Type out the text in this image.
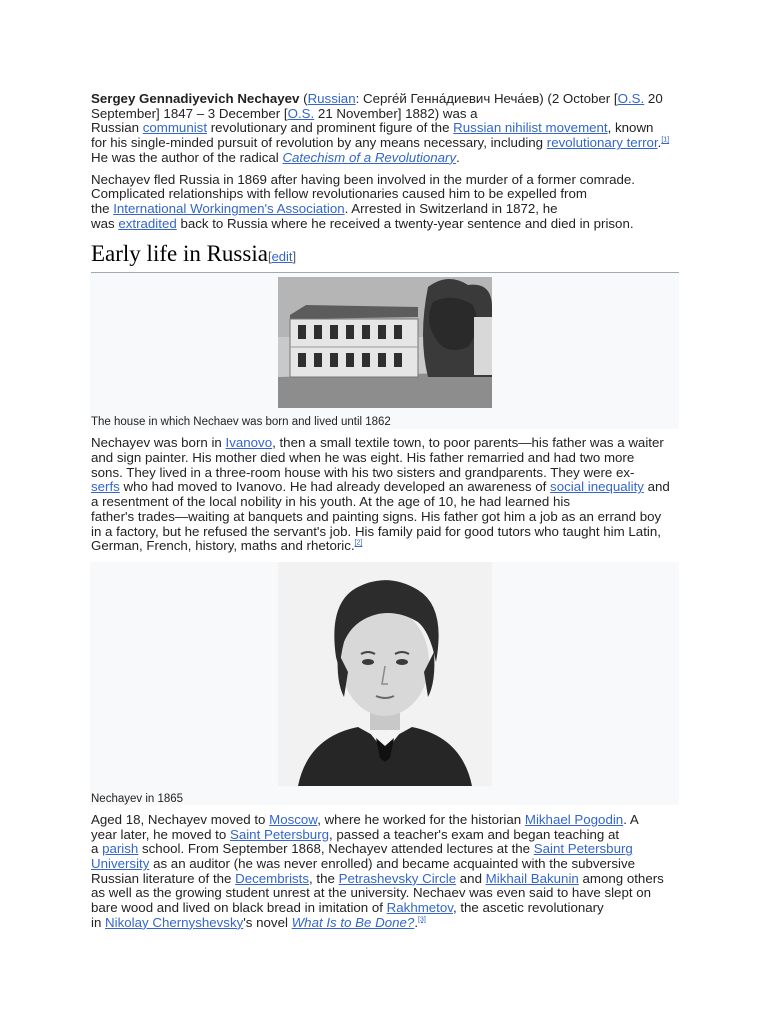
Sergey Gennadiyevich Nechayev (Russian: Серге́й Генна́диевич Неча́ев) (2 October [O.S. 20 September] 1847 – 3 December [O.S. 21 November] 1882) was a
Russian communist revolutionary and prominent figure of the Russian nihilist movement, known
for his single-minded pursuit of revolution by any means necessary, including revolutionary terror.[1] He was the author of the radical Catechism of a Revolutionary.

Nechayev fled Russia in 1869 after having been involved in the murder of a former comrade.
Complicated relationships with fellow revolutionaries caused him to be expelled from
the International Workingmen's Association. Arrested in Switzerland in 1872, he
was extradited back to Russia where he received a twenty-year sentence and died in prison.

Early life in Russia[edit]
The house in which Nechaev was born and lived until 1862

Nechayev was born in Ivanovo, then a small textile town, to poor parents—his father was a waiter
and sign painter. His mother died when he was eight. His father remarried and had two more
sons. They lived in a three-room house with his two sisters and grandparents. They were ex-
serfs who had moved to Ivanovo. He had already developed an awareness of social inequality and a resentment of the local nobility in his youth. At the age of 10, he had learned his
father's trades—waiting at banquets and painting signs. His father got him a job as an errand boy
in a factory, but he refused the servant's job. His family paid for good tutors who taught him Latin,
German, French, history, maths and rhetoric.[2]

Nechayev in 1865

Aged 18, Nechayev moved to Moscow, where he worked for the historian Mikhael Pogodin. A
year later, he moved to Saint Petersburg, passed a teacher's exam and began teaching at
a parish school. From September 1868, Nechayev attended lectures at the Saint Petersburg University as an auditor (he was never enrolled) and became acquainted with the subversive
Russian literature of the Decembrists, the Petrashevsky Circle and Mikhail Bakunin among others
as well as the growing student unrest at the university. Nechaev was even said to have slept on
bare wood and lived on black bread in imitation of Rakhmetov, the ascetic revolutionary
in Nikolay Chernyshevsky's novel What Is to Be Done?.[3]
